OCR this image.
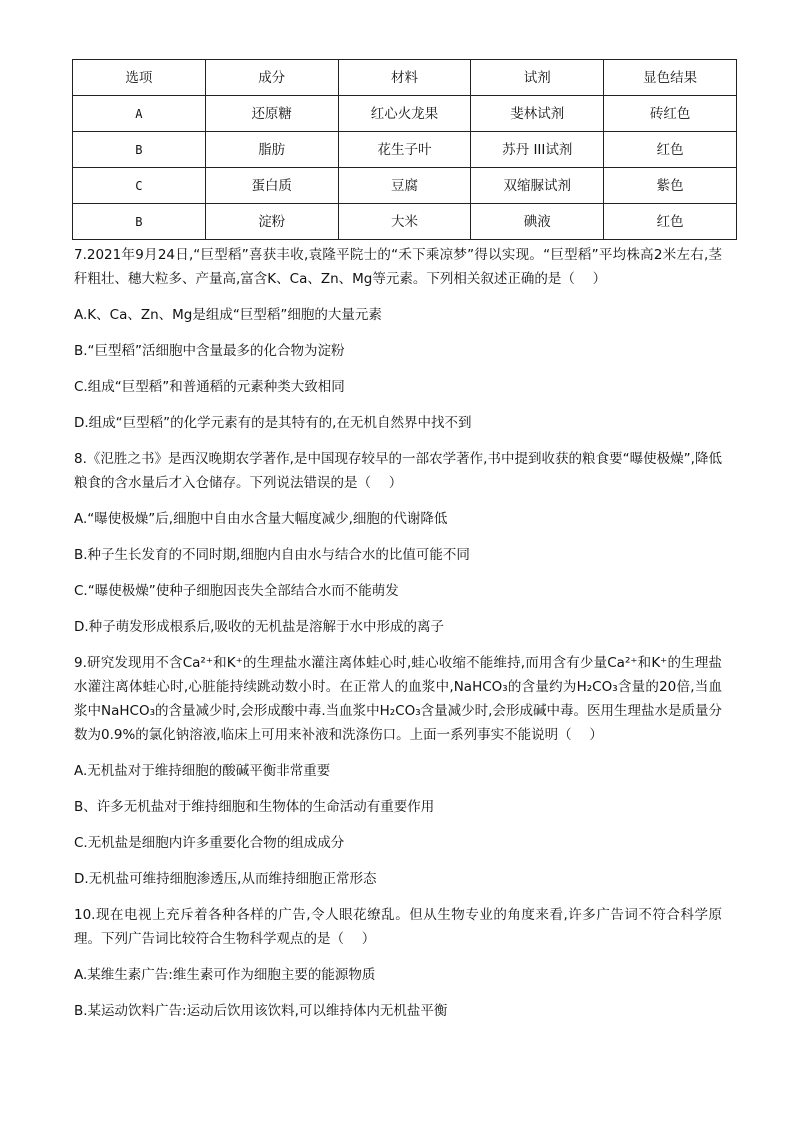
选项	成分	材料	试剂	显色结果
A	还原糖	红心火龙果	斐林试剂	砖红色
B	脂肪	花生子叶	苏丹 III试剂	红色
C	蛋白质	豆腐	双缩脲试剂	紫色
B	淀粉	大米	碘液	红色
7.2021年9月24日,“巨型稻”喜获丰收,袁隆平院士的“禾下乘凉梦”得以实现。“巨型稻”平均株高2米左右,茎秆粗壮、穗大粒多、产量高,富含K、Ca、Zn、Mg等元素。下列相关叙述正确的是（　 ）
A.K、Ca、Zn、Mg是组成“巨型稻”细胞的大量元素
B.“巨型稻”活细胞中含量最多的化合物为淀粉
C.组成“巨型稻”和普通稻的元素种类大致相同
D.组成“巨型稻”的化学元素有的是其特有的,在无机自然界中找不到
8.《氾胜之书》是西汉晚期农学著作,是中国现存较早的一部农学著作,书中提到收获的粮食要“曝使极燥”,降低粮食的含水量后才入仓储存。下列说法错误的是（　 ）
A.“曝使极燥”后,细胞中自由水含量大幅度减少,细胞的代谢降低
B.种子生长发育的不同时期,细胞内自由水与结合水的比值可能不同
C.“曝使极燥”使种子细胞因丧失全部结合水而不能萌发
D.种子萌发形成根系后,吸收的无机盐是溶解于水中形成的离子
9.研究发现用不含Ca²⁺和K⁺的生理盐水灌注离体蛙心时,蛙心收缩不能维持,而用含有少量Ca²⁺和K⁺的生理盐水灌注离体蛙心时,心脏能持续跳动数小时。在正常人的血浆中,NaHCO₃的含量约为H₂CO₃含量的20倍,当血浆中NaHCO₃的含量减少时,会形成酸中毒.当血浆中H₂CO₃含量减少时,会形成碱中毒。医用生理盐水是质量分数为0.9%的氯化钠溶液,临床上可用来补液和洗涤伤口。上面一系列事实不能说明（　 ）
A.无机盐对于维持细胞的酸碱平衡非常重要
B、许多无机盐对于维持细胞和生物体的生命活动有重要作用
C.无机盐是细胞内许多重要化合物的组成成分
D.无机盐可维持细胞渗透压,从而维持细胞正常形态
10.现在电视上充斥着各种各样的广告,令人眼花缭乱。但从生物专业的角度来看,许多广告词不符合科学原理。下列广告词比较符合生物科学观点的是（　 ）
A.某维生素广告:维生素可作为细胞主要的能源物质
B.某运动饮料广告:运动后饮用该饮料,可以维持体内无机盐平衡
